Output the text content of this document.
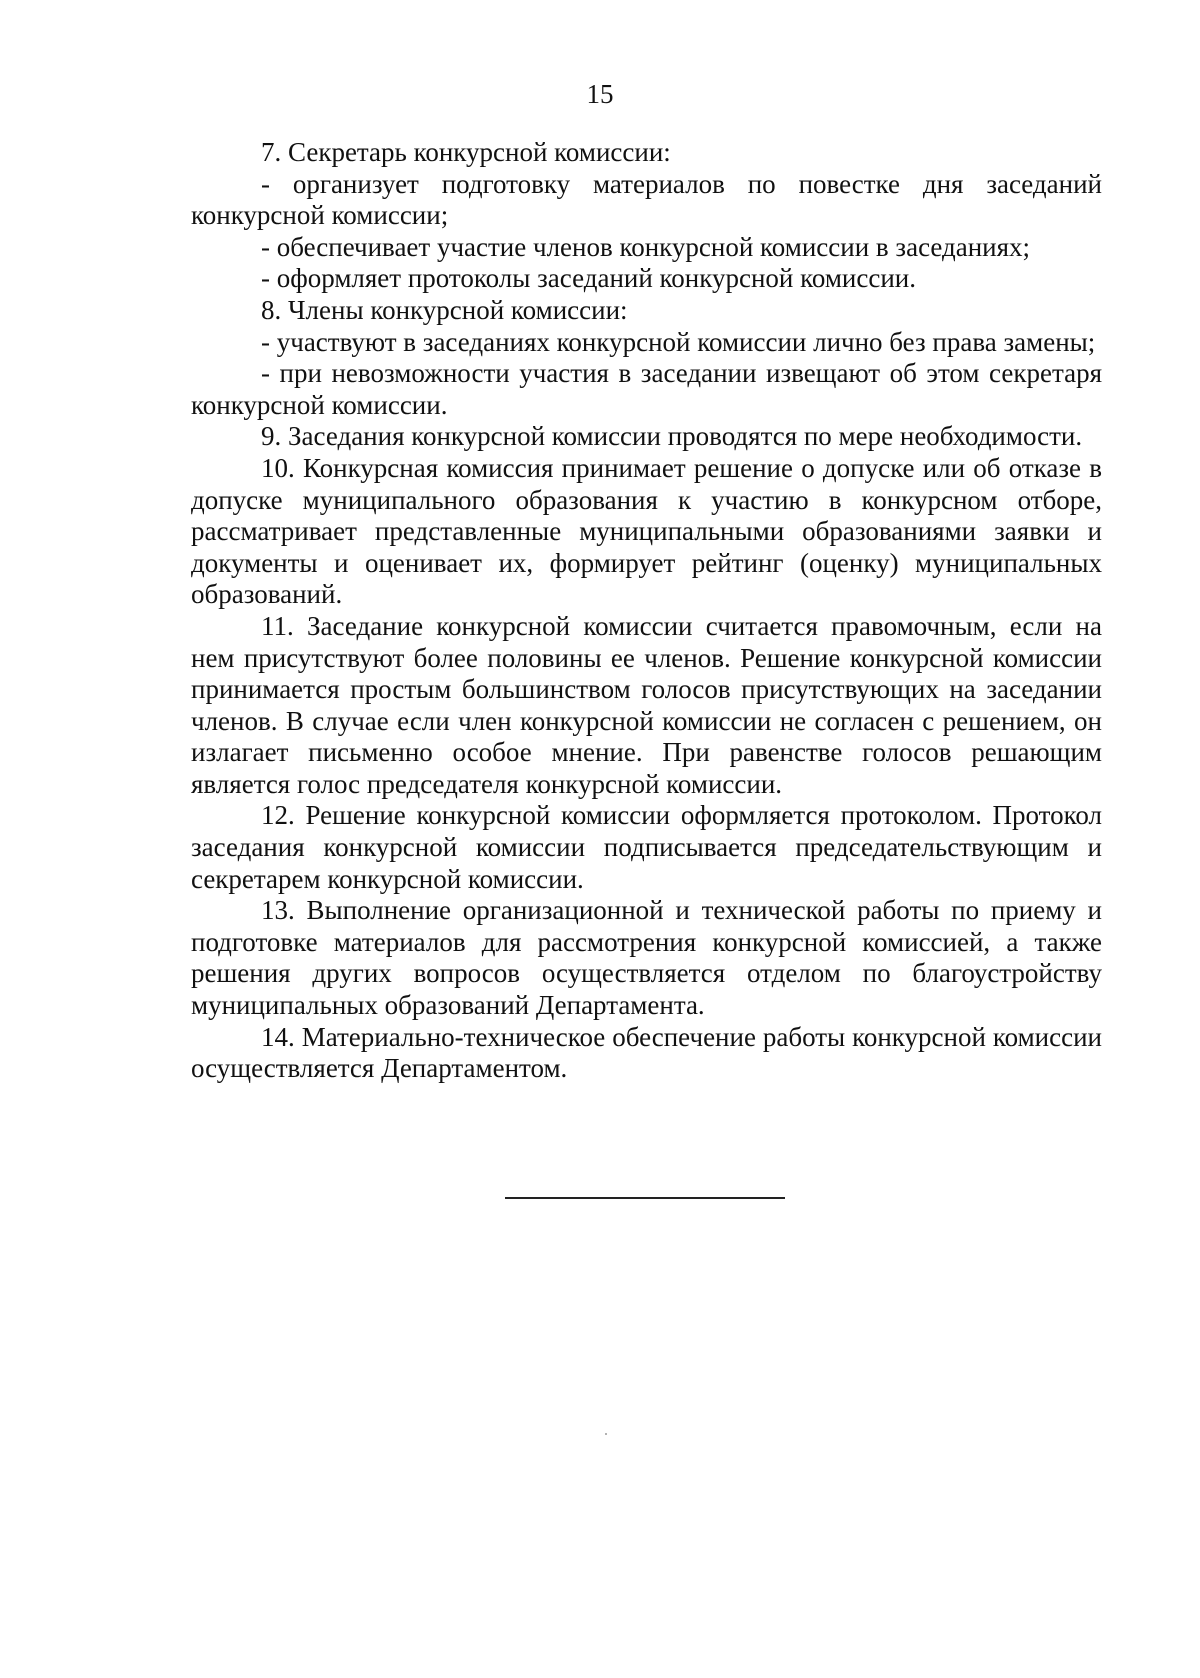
15

7. Секретарь конкурсной комиссии:

- организует подготовку материалов по повестке дня заседаний конкурсной комиссии;

- обеспечивает участие членов конкурсной комиссии в заседаниях;

- оформляет протоколы заседаний конкурсной комиссии.

8. Члены конкурсной комиссии:

- участвуют в заседаниях конкурсной комиссии лично без права замены;

- при невозможности участия в заседании извещают об этом секретаря конкурсной комиссии.

9. Заседания конкурсной комиссии проводятся по мере необходимости.

10. Конкурсная комиссия принимает решение о допуске или об отказе в допуске муниципального образования к участию в конкурсном отборе, рассматривает представленные муниципальными образованиями заявки и документы и оценивает их, формирует рейтинг (оценку) муниципальных образований.

11. Заседание конкурсной комиссии считается правомочным, если на нем присутствуют более половины ее членов. Решение конкурсной комиссии принимается простым большинством голосов присутствующих на заседании членов. В случае если член конкурсной комиссии не согласен с решением, он излагает письменно особое мнение. При равенстве голосов решающим является голос председателя конкурсной комиссии.

12. Решение конкурсной комиссии оформляется протоколом. Протокол заседания конкурсной комиссии подписывается председательствующим и секретарем конкурсной комиссии.

13. Выполнение организационной и технической работы по приему и подготовке материалов для рассмотрения конкурсной комиссией, а также решения других вопросов осуществляется отделом по благоустройству муниципальных образований Департамента.

14. Материально-техническое обеспечение работы конкурсной комиссии осуществляется Департаментом.
